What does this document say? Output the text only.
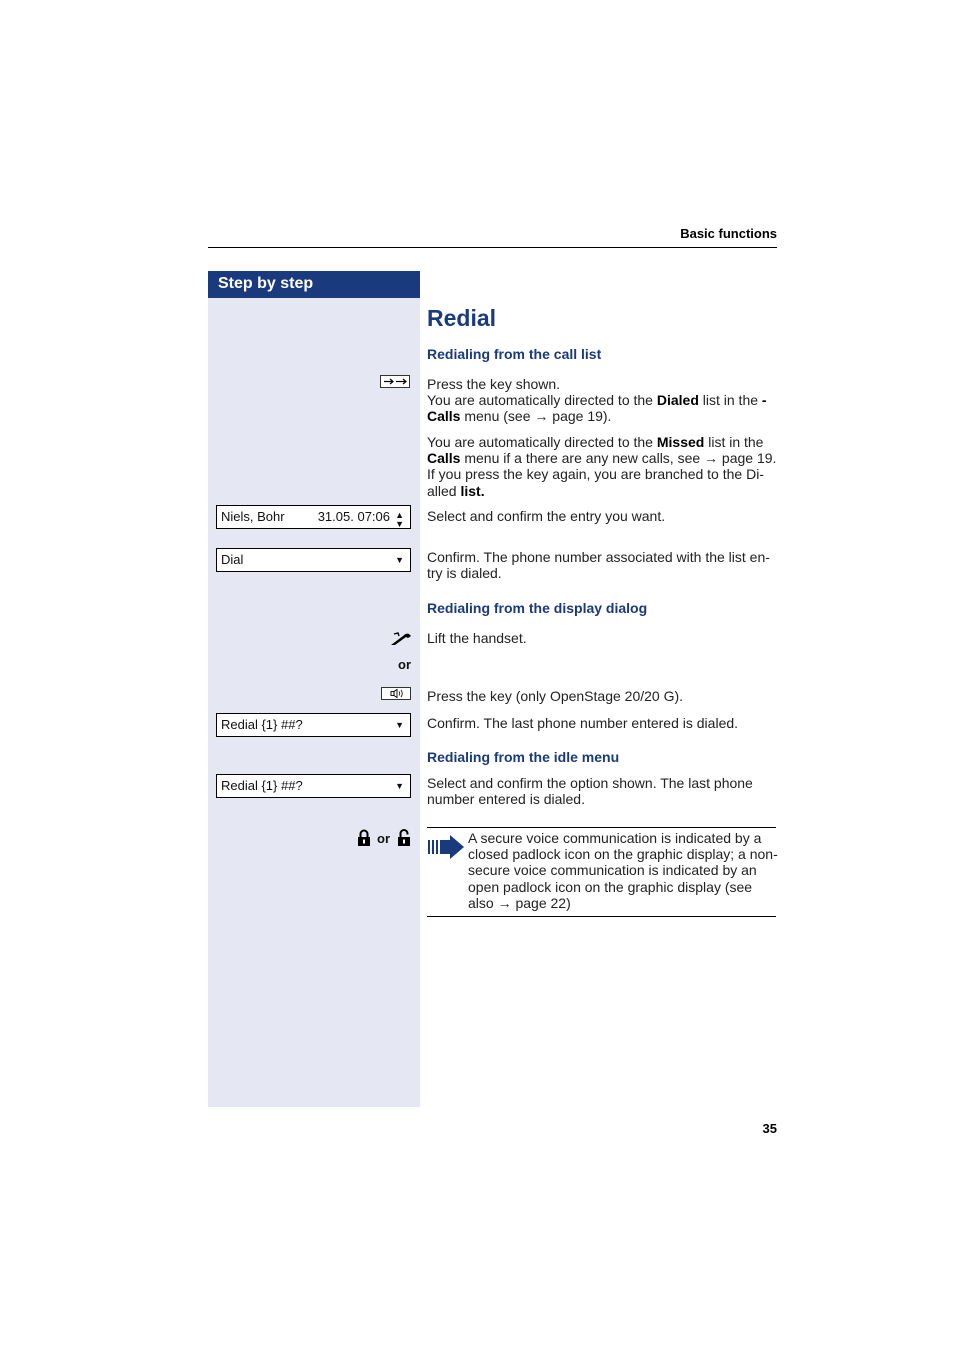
Basic functions
Step by step
Redial
Redialing from the call list
Press the key shown.
You are automatically directed to the Dialed list in the -
Calls menu (see → page 19).
You are automatically directed to the Missed list in the Calls menu if a there are any new calls, see → page 19. If you press the key again, you are branched to the Di-alled list.
Niels, Bohr	31.05. 07:06 ▲
▼ Select and confirm the entry you want.
Dial	▼ Confirm. The phone number associated with the list en-try is dialed.
Redialing from the display dialog
Lift the handset.
or
Press the key (only OpenStage 20/20 G).
Redial {1} ##?	▼ Confirm. The last phone number entered is dialed.
Redialing from the idle menu
Redial {1} ##?	▼ Select and confirm the option shown. The last phone number entered is dialed.
or	A secure voice communication is indicated by a closed padlock icon on the graphic display; a non-secure voice communication is indicated by an open padlock icon on the graphic display (see also → page 22)
35
